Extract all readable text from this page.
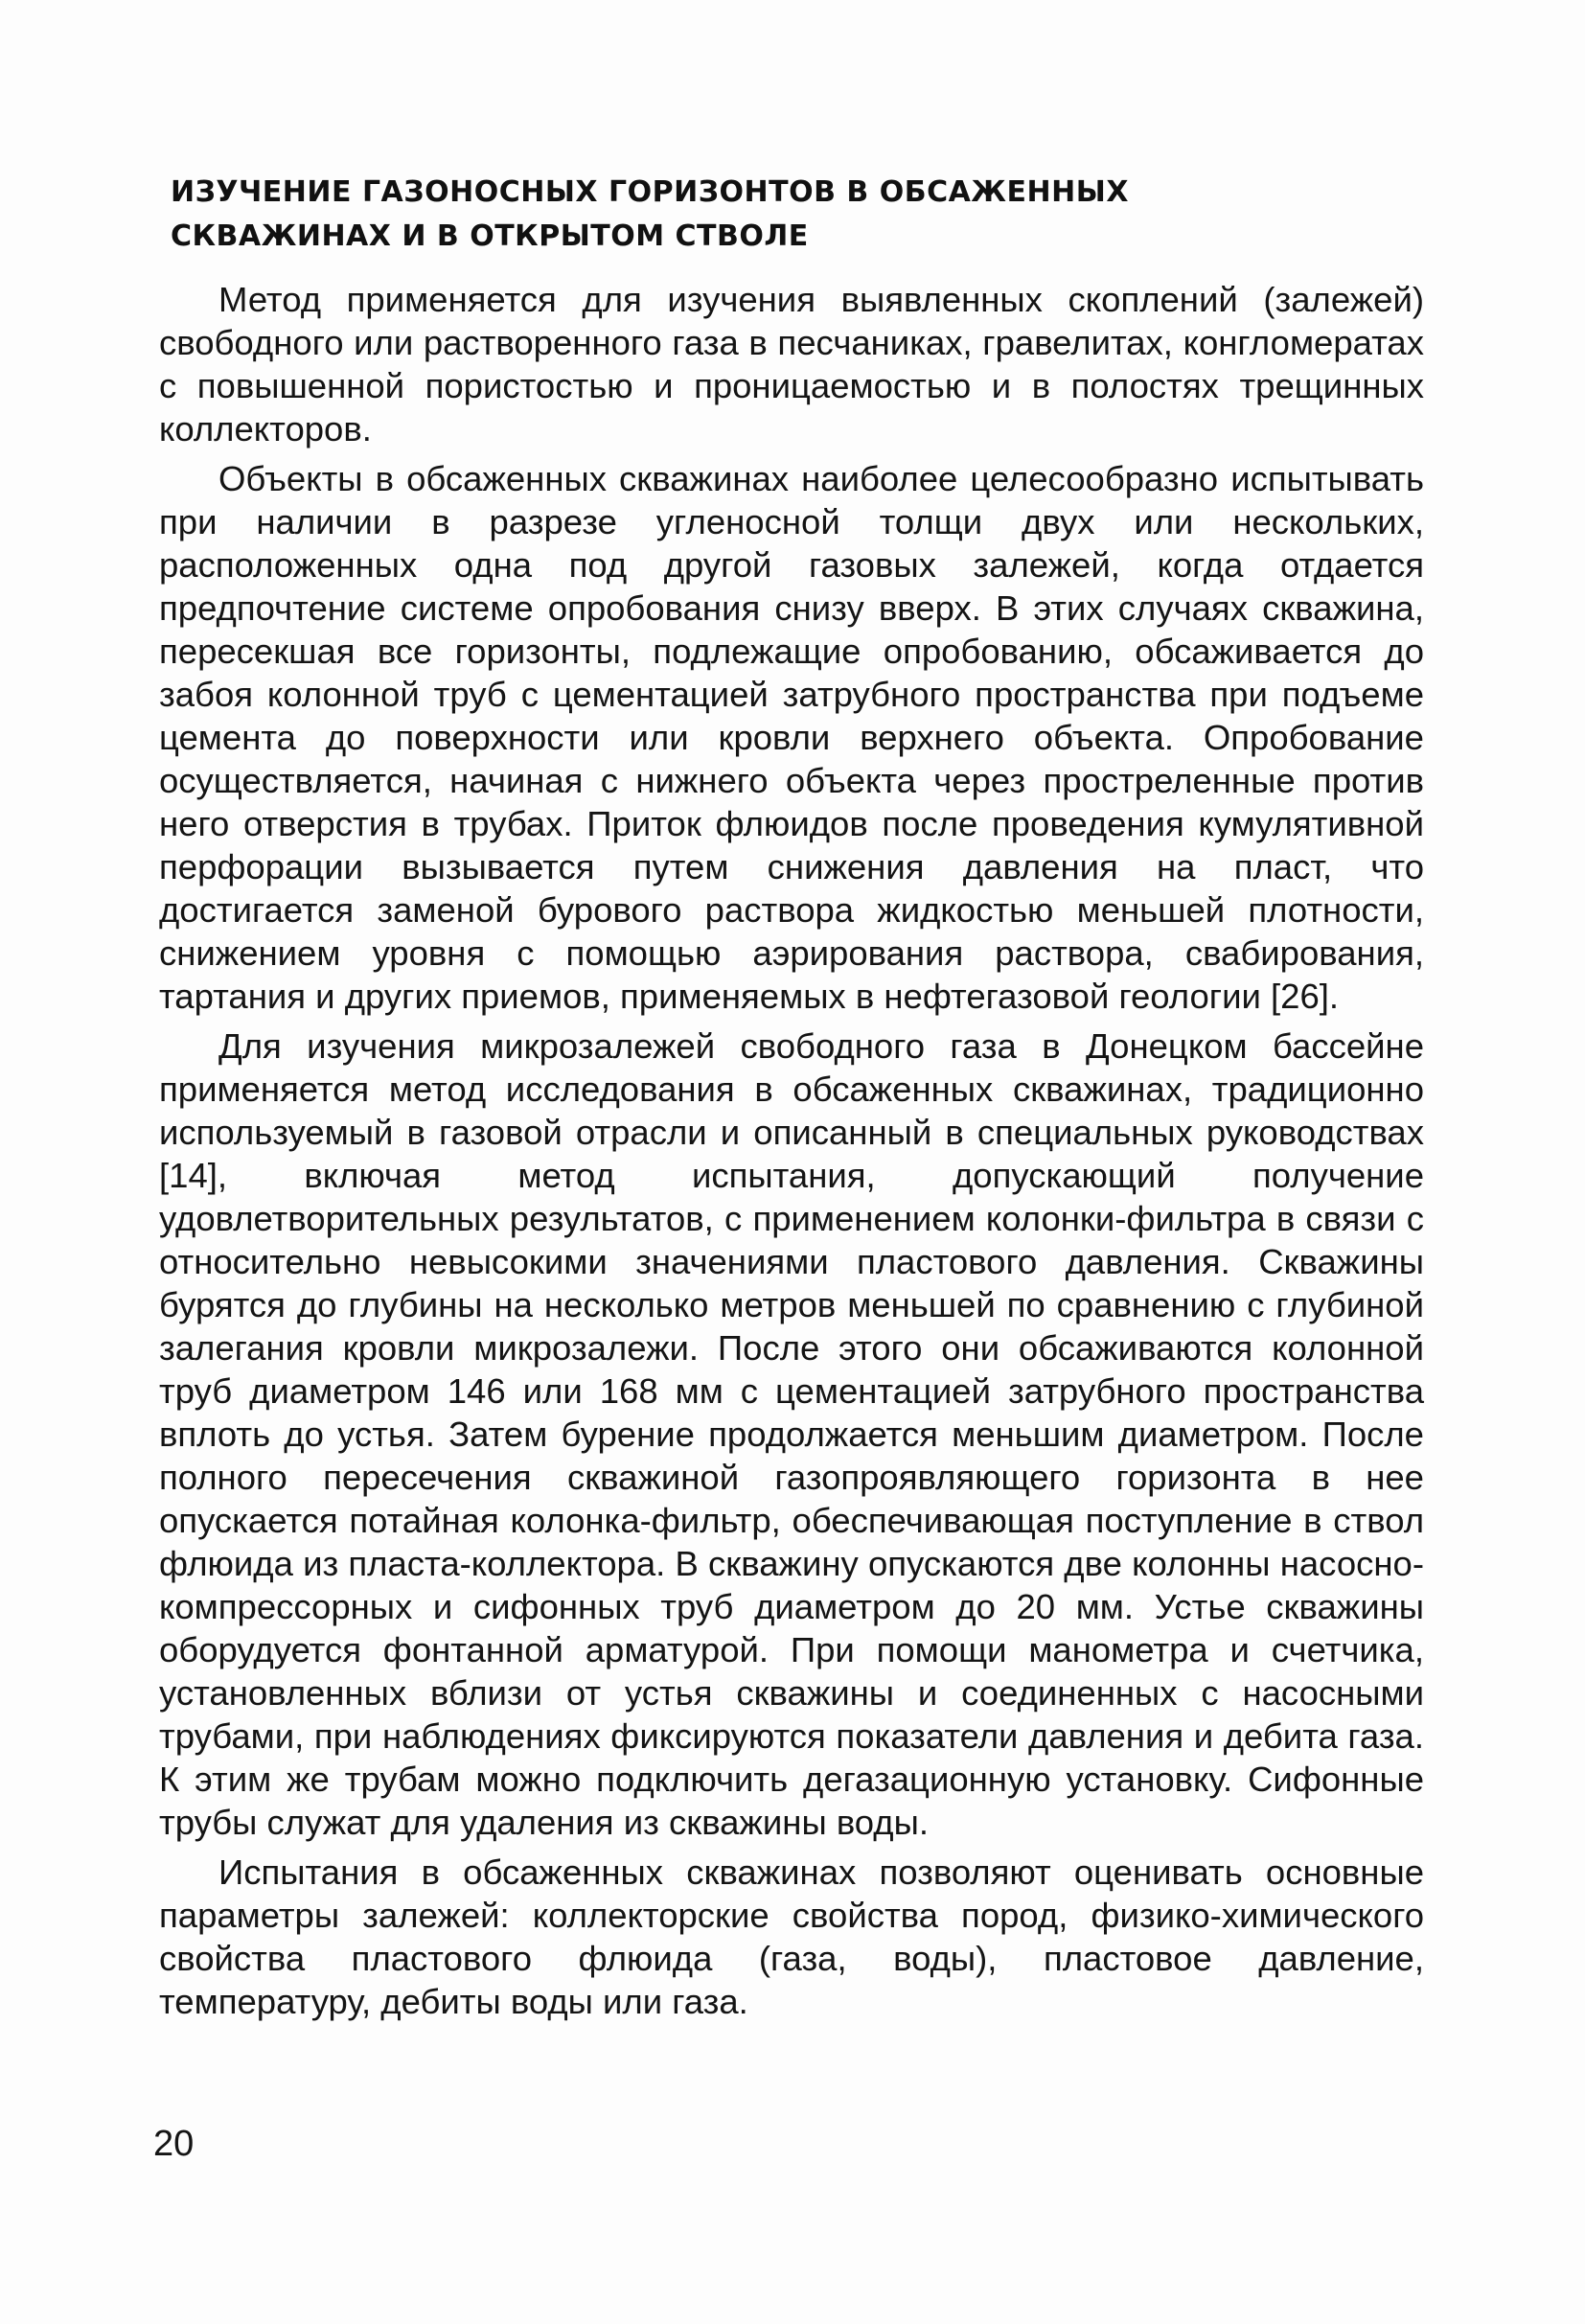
ИЗУЧЕНИЕ ГАЗОНОСНЫХ ГОРИЗОНТОВ В ОБСАЖЕННЫХ
СКВАЖИНАХ И В ОТКРЫТОМ СТВОЛЕ

Метод применяется для изучения выявленных скоплений (залежей) свободного или растворенного газа в песчаниках, гравелитах, конгломератах с повышенной пористостью и проницаемостью и в полостях трещинных коллекторов.

Объекты в обсаженных скважинах наиболее целесообразно испытывать при наличии в разрезе угленосной толщи двух или нескольких, расположенных одна под другой газовых залежей, когда отдается предпочтение системе опробования снизу вверх. В этих случаях скважина, пересекшая все горизонты, подлежащие опробованию, обсаживается до забоя колонной труб с цементацией затрубного пространства при подъеме цемента до поверхности или кровли верхнего объекта. Опробование осуществляется, начиная с нижнего объекта через простреленные против него отверстия в трубах. Приток флюидов после проведения кумулятивной перфорации вызывается путем снижения давления на пласт, что достигается заменой бурового раствора жидкостью меньшей плотности, снижением уровня с помощью аэрирования раствора, свабирования, тартания и других приемов, применяемых в нефтегазовой геологии [26].

Для изучения микрозалежей свободного газа в Донецком бассейне применяется метод исследования в обсаженных скважинах, традиционно используемый в газовой отрасли и описанный в специальных руководствах [14], включая метод испытания, допускающий получение удовлетворительных результатов, с применением колонки-фильтра в связи с относительно невысокими значениями пластового давления. Скважины бурятся до глубины на несколько метров меньшей по сравнению с глубиной залегания кровли микрозалежи. После этого они обсаживаются колонной труб диаметром 146 или 168 мм с цементацией затрубного пространства вплоть до устья. Затем бурение продолжается меньшим диаметром. После полного пересечения скважиной газопроявляющего горизонта в нее опускается потайная колонка-фильтр, обеспечивающая поступление в ствол флюида из пласта-коллектора. В скважину опускаются две колонны насосно-компрессорных и сифонных труб диаметром до 20 мм. Устье скважины оборудуется фонтанной арматурой. При помощи манометра и счетчика, установленных вблизи от устья скважины и соединенных с насосными трубами, при наблюдениях фиксируются показатели давления и дебита газа. К этим же трубам можно подключить дегазационную установку. Сифонные трубы служат для удаления из скважины воды.

Испытания в обсаженных скважинах позволяют оценивать основные параметры залежей: коллекторские свойства пород, физико-химического свойства пластового флюида (газа, воды), пластовое давление, температуру, дебиты воды или газа.

20
